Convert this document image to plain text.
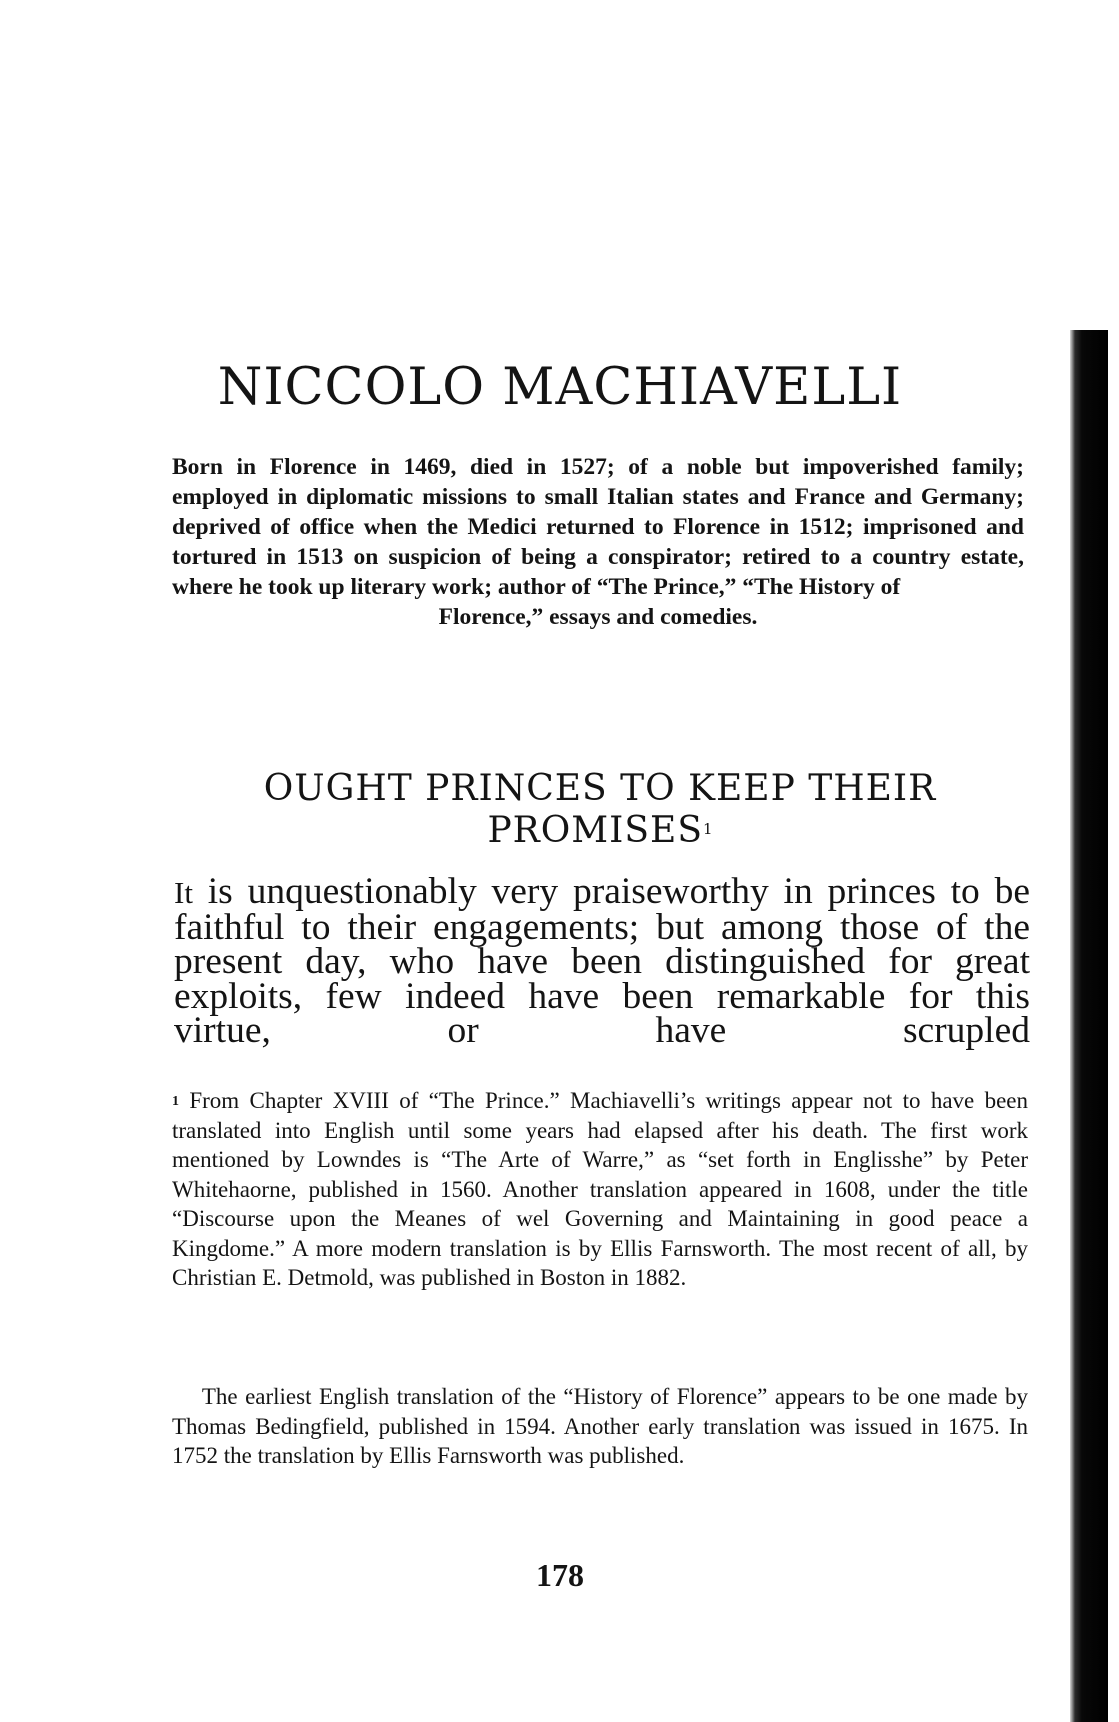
NICCOLO MACHIAVELLI

Born in Florence in 1469, died in 1527; of a noble but impoverished family; employed in diplomatic missions to small Italian states and France and Germany; deprived of office when the Medici returned to Florence in 1512; imprisoned and tortured in 1513 on suspicion of being a conspirator; retired to a country estate, where he took up literary work; author of “The Prince,” “The History of
Florence,” essays and comedies.

OUGHT PRINCES TO KEEP THEIR PROMISES$^1$

It is unquestionably very praiseworthy in princes to be faithful to their engagements; but among those of the present day, who have been distinguished for great exploits, few indeed have been remarkable for this virtue, or have scrupled

$^1$ From Chapter XVIII of “The Prince.” Machiavelli’s writings appear not to have been translated into English until some years had elapsed after his death. The first work mentioned by Lowndes is “The Arte of Warre,” as “set forth in Englisshe” by Peter Whitehaorne, published in 1560. Another translation appeared in 1608, under the title “Discourse upon the Meanes of wel Governing and Maintaining in good peace a Kingdome.” A more modern translation is by Ellis Farnsworth. The most recent of all, by Christian E. Detmold, was published in Boston in 1882.

The earliest English translation of the “History of Florence” appears to be one made by Thomas Bedingfield, published in 1594. Another early translation was issued in 1675. In 1752 the translation by Ellis Farnsworth was published.

178
